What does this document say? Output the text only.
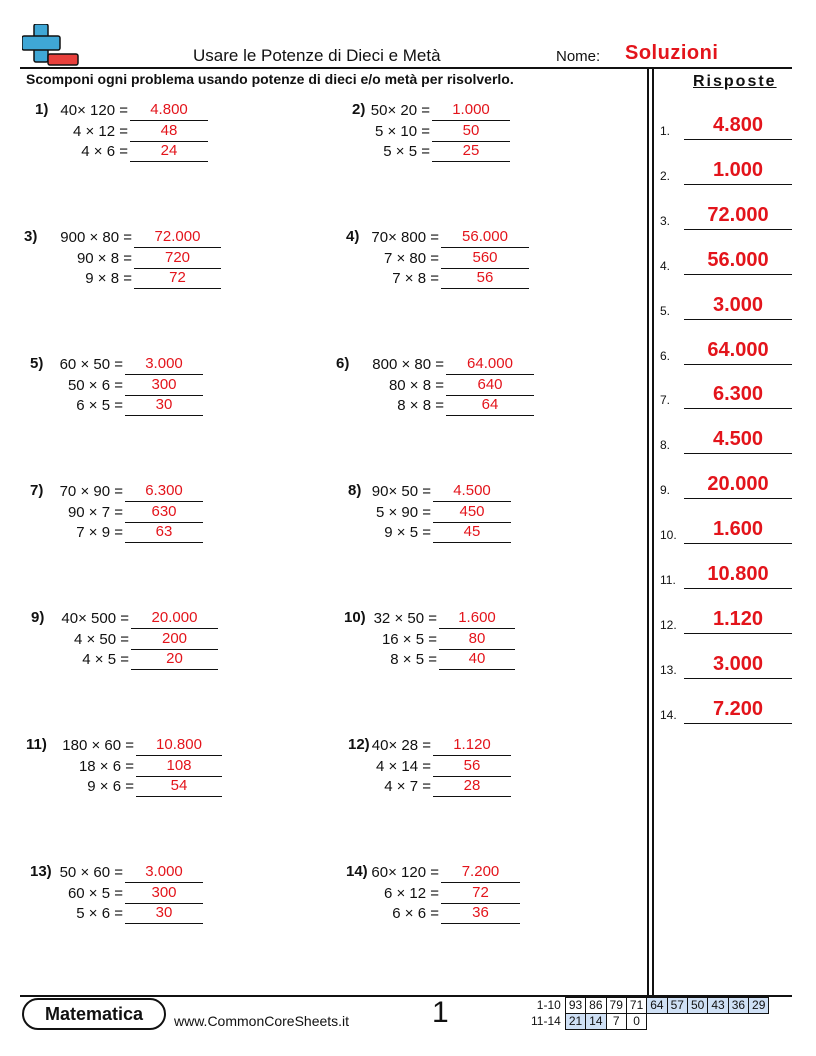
Usare le Potenze di Dieci e Metà	Nome: Soluzioni
Scomponi ogni problema usando potenze di dieci e/o metà per risolverlo.	Risposte
1) 40× 120 =	4.800
4 × 12 =	48
4 × 6 =	24
2) 50× 20 =	1.000
5 × 10 =	50
5 × 5 =	25
3) 900 × 80 =	72.000
90 × 8 =	720
9 × 8 =	72
4) 70× 800 =	56.000
7 × 80 =	560
7 × 8 =	56
5) 60 × 50 =	3.000
50 × 6 =	300
6 × 5 =	30
6) 800 × 80 =	64.000
80 × 8 =	640
8 × 8 =	64
7) 70 × 90 =	6.300
90 × 7 =	630
7 × 9 =	63
8) 90× 50 =	4.500
5 × 90 =	450
9 × 5 =	45
9) 40× 500 =	20.000
4 × 50 =	200
4 × 5 =	20
10) 32 × 50 =	1.600
16 × 5 =	80
8 × 5 =	40
11) 180 × 60 =	10.800
18 × 6 =	108
9 × 6 =	54
12) 40× 28 =	1.120
4 × 14 =	56
4 × 7 =	28
13) 50 × 60 =	3.000
60 × 5 =	300
5 × 6 =	30
14) 60× 120 =	7.200
6 × 12 =	72
6 × 6 =	36
1.	4.800
2.	1.000
3.	72.000
4.	56.000
5.	3.000
6.	64.000
7.	6.300
8.	4.500
9.	20.000
10.	1.600
11.	10.800
12.	1.120
13.	3.000
14.	7.200
Matematica	www.CommonCoreSheets.it	1	1-10	93	86	79	71	64	57	50	43	36	29
11-14	21	14	7	0						
